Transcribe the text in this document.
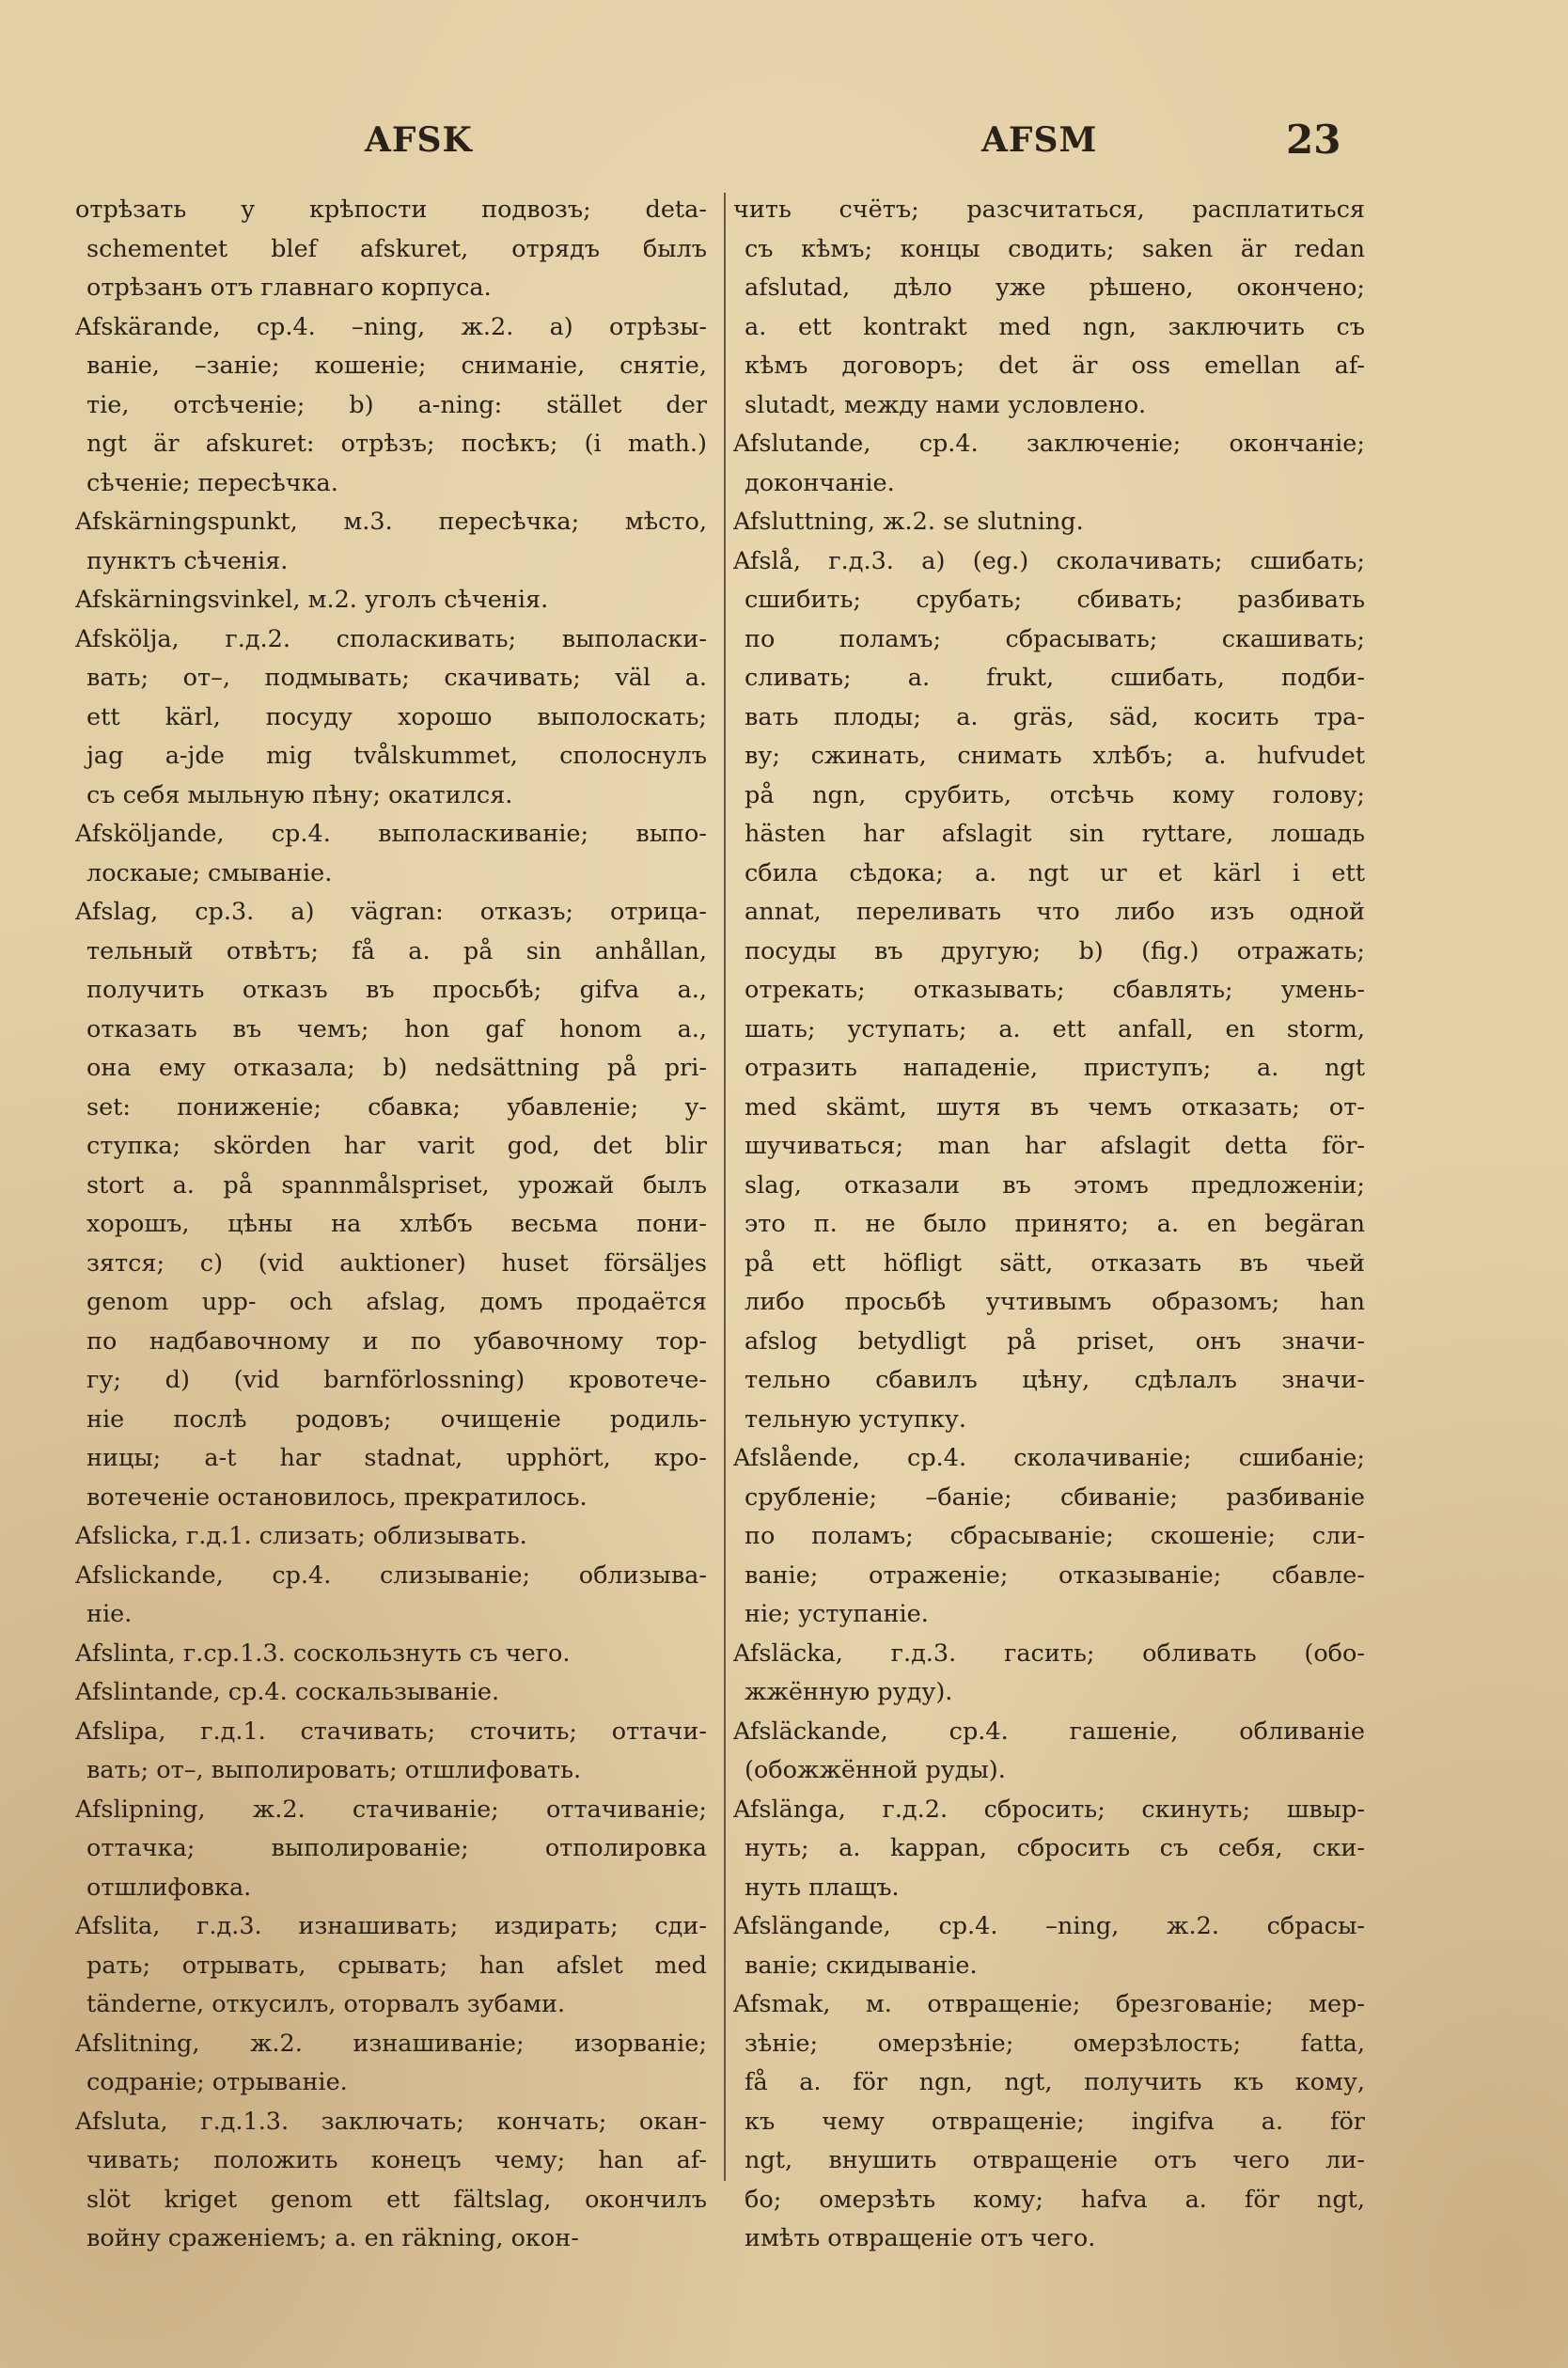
AFSK	AFSM	23
отрѣзать у крѣпости подвозъ; deta-
schementet blef afskuret, отрядъ былъ
отрѣзанъ отъ главнаго корпуса.
Afskärande, ср.4. –ning, ж.2. a) отрѣзы-
ваніе, –заніе; кошеніе; сниманіе, снятіе,
тіе, отсѣченіе; b) a-ning: stället der
ngt är afskuret: отрѣзъ; посѣкъ; (i math.)
сѣченіе; пересѣчка.
Afskärningspunkt, м.3. пересѣчка; мѣсто,
пунктъ сѣченія.
Afskärningsvinkel, м.2. уголъ сѣченія.
Afskölja, г.д.2. споласкивать; выполаски-
вать; от–, подмывать; скачивать; väl a.
ett kärl, посуду хорошо выполоскать;
jag a-jde mig tvålskummet, сполоснулъ
съ себя мыльную пѣну; окатился.
Afsköljande, ср.4. выполаскиваніе; выпо-
лоскаые; смываніе.
Afslag, ср.3. a) vägran: отказъ; отрица-
тельный отвѣтъ; få a. på sin anhållan,
получить отказъ въ просьбѣ; gifva a.,
отказать въ чемъ; hon gaf honom a.,
она ему отказала; b) nedsättning på pri-
set: пониженіе; сбавка; убавленіе; у-
ступка; skörden har varit god, det blir
stort a. på spannmålspriset, урожай былъ
хорошъ, цѣны на хлѣбъ весьма пони-
зятся; c) (vid auktioner) huset försäljes
genom upp- och afslag, домъ продаётся
по надбавочному и по убавочному тор-
гу; d) (vid barnförlossning) кровотече-
ніе послѣ родовъ; очищеніе родиль-
ницы; a-t har stadnat, upphört, кро-
вотеченіе остановилось, прекратилось.
Afslicka, г.д.1. слизать; облизывать.
Afslickande, ср.4. слизываніе; облизыва-
ніе.
Afslinta, г.ср.1.3. соскользнуть съ чего.
Afslintande, ср.4. соскальзываніе.
Afslipa, г.д.1. стачивать; сточить; оттачи-
вать; от–, выполировать; отшлифовать.
Afslipning, ж.2. стачиваніе; оттачиваніе;
оттачка; выполированіе; отполировка
отшлифовка.
Afslita, г.д.3. изнашивать; издирать; сди-
рать; отрывать, срывать; han afslet med
tänderne, откусилъ, оторвалъ зубами.
Afslitning, ж.2. изнашиваніе; изорваніе;
содраніе; отрываніе.
Afsluta, г.д.1.3. заключать; кончать; окан-
чивать; положить конецъ чему; han af-
slöt kriget genom ett fältslag, окончилъ
войну сраженіемъ; a. en räkning, окон-
чить счётъ; разсчитаться, расплатиться
съ кѣмъ; концы сводить; saken är redan
afslutad, дѣло уже рѣшено, окончено;
a. ett kontrakt med ngn, заключить съ
кѣмъ договоръ; det är oss emellan af-
slutadt, между нами условлено.
Afslutande, ср.4. заключеніе; окончаніе;
докончаніе.
Afsluttning, ж.2. se slutning.
Afslå, г.д.3. a) (eg.) сколачивать; сшибать;
сшибить; срубать; сбивать; разбивать
по поламъ; сбрасывать; скашивать;
сливать; a. frukt, сшибать, подби-
вать плоды; a. gräs, säd, косить тра-
ву; сжинать, снимать хлѣбъ; a. hufvudet
på ngn, срубить, отсѣчь кому голову;
hästen har afslagit sin ryttare, лошадь
сбила сѣдока; a. ngt ur et kärl i ett
annat, переливать что либо изъ одной
посуды въ другую; b) (fig.) отражать;
отрекать; отказывать; сбавлять; умень-
шать; уступать; a. ett anfall, en storm,
отразить нападеніе, приступъ; a. ngt
med skämt, шутя въ чемъ отказать; от-
шучиваться; man har afslagit detta för-
slag, отказали въ этомъ предложеніи;
это п. не было принято; a. en begäran
på ett höfligt sätt, отказать въ чьей
либо просьбѣ учтивымъ образомъ; han
afslog betydligt på priset, онъ значи-
тельно сбавилъ цѣну, сдѣлалъ значи-
тельную уступку.
Afslående, ср.4. сколачиваніе; сшибаніе;
срубленіе; –баніе; сбиваніе; разбиваніе
по поламъ; сбрасываніе; скошеніе; сли-
ваніе; отраженіе; отказываніе; сбавле-
ніе; уступаніе.
Afsläcka, г.д.3. гасить; обливать (обо-
жжённую руду).
Afsläckande, ср.4. гашеніе, обливаніе
(обожжённой руды).
Afslänga, г.д.2. сбросить; скинуть; швыр-
нуть; a. kappan, сбросить съ себя, ски-
нуть плащъ.
Afslängande, ср.4. –ning, ж.2. сбрасы-
ваніе; скидываніе.
Afsmak, м. отвращеніе; брезгованіе; мер-
зѣніе; омерзѣніе; омерзѣлость; fatta,
få a. för ngn, ngt, получить къ кому,
къ чему отвращеніе; ingifva a. för
ngt, внушить отвращеніе отъ чего ли-
бо; омерзѣть кому; hafva a. för ngt,
имѣть отвращеніе отъ чего.
